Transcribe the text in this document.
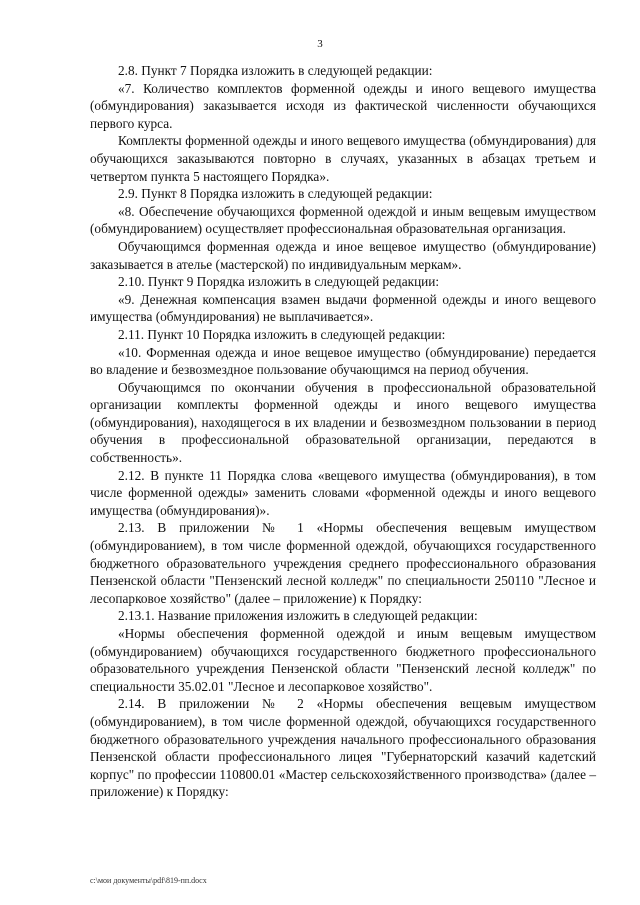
3

2.8. Пункт 7 Порядка изложить в следующей редакции:

«7. Количество комплектов форменной одежды и иного вещевого имущества (обмундирования) заказывается исходя из фактической численности обучающихся первого курса.

Комплекты форменной одежды и иного вещевого имущества (обмундирования) для обучающихся заказываются повторно в случаях, указанных в абзацах третьем и четвертом пункта 5 настоящего Порядка».

2.9. Пункт 8 Порядка изложить в следующей редакции:

«8. Обеспечение обучающихся форменной одеждой и иным вещевым имуществом (обмундированием) осуществляет профессиональная образовательная организация.

Обучающимся форменная одежда и иное вещевое имущество (обмундирование) заказывается в ателье (мастерской) по индивидуальным меркам».

2.10. Пункт 9 Порядка изложить в следующей редакции:

«9. Денежная компенсация взамен выдачи форменной одежды и иного вещевого имущества (обмундирования) не выплачивается».

2.11. Пункт 10 Порядка изложить в следующей редакции:

«10. Форменная одежда и иное вещевое имущество (обмундирование) передается во владение и безвозмездное пользование обучающимся на период обучения.

Обучающимся по окончании обучения в профессиональной образовательной организации комплекты форменной одежды и иного вещевого имущества (обмундирования), находящегося в их владении и безвозмездном пользовании в период обучения в профессиональной образовательной организации, передаются в собственность».

2.12. В пункте 11 Порядка слова «вещевого имущества (обмундирования), в том числе форменной одежды» заменить словами «форменной одежды и иного вещевого имущества (обмундирования)».

2.13. В приложении № 1 «Нормы обеспечения вещевым имуществом (обмундированием), в том числе форменной одеждой, обучающихся государственного бюджетного образовательного учреждения среднего профессионального образования Пензенской области "Пензенский лесной колледж" по специальности 250110 "Лесное и лесопарковое хозяйство" (далее – приложение) к Порядку:

2.13.1. Название приложения изложить в следующей редакции:

«Нормы обеспечения форменной одеждой и иным вещевым имуществом (обмундированием) обучающихся государственного бюджетного профессионального образовательного учреждения Пензенской области "Пензенский лесной колледж" по специальности 35.02.01 "Лесное и лесопарковое хозяйство".

2.14. В приложении № 2 «Нормы обеспечения вещевым имуществом (обмундированием), в том числе форменной одеждой, обучающихся государственного бюджетного образовательного учреждения начального профессионального образования Пензенской области профессионального лицея "Губернаторский казачий кадетский корпус" по профессии 110800.01 «Мастер сельскохозяйственного производства» (далее – приложение) к Порядку:

c:\мои документы\pdf\819-пп.docx
